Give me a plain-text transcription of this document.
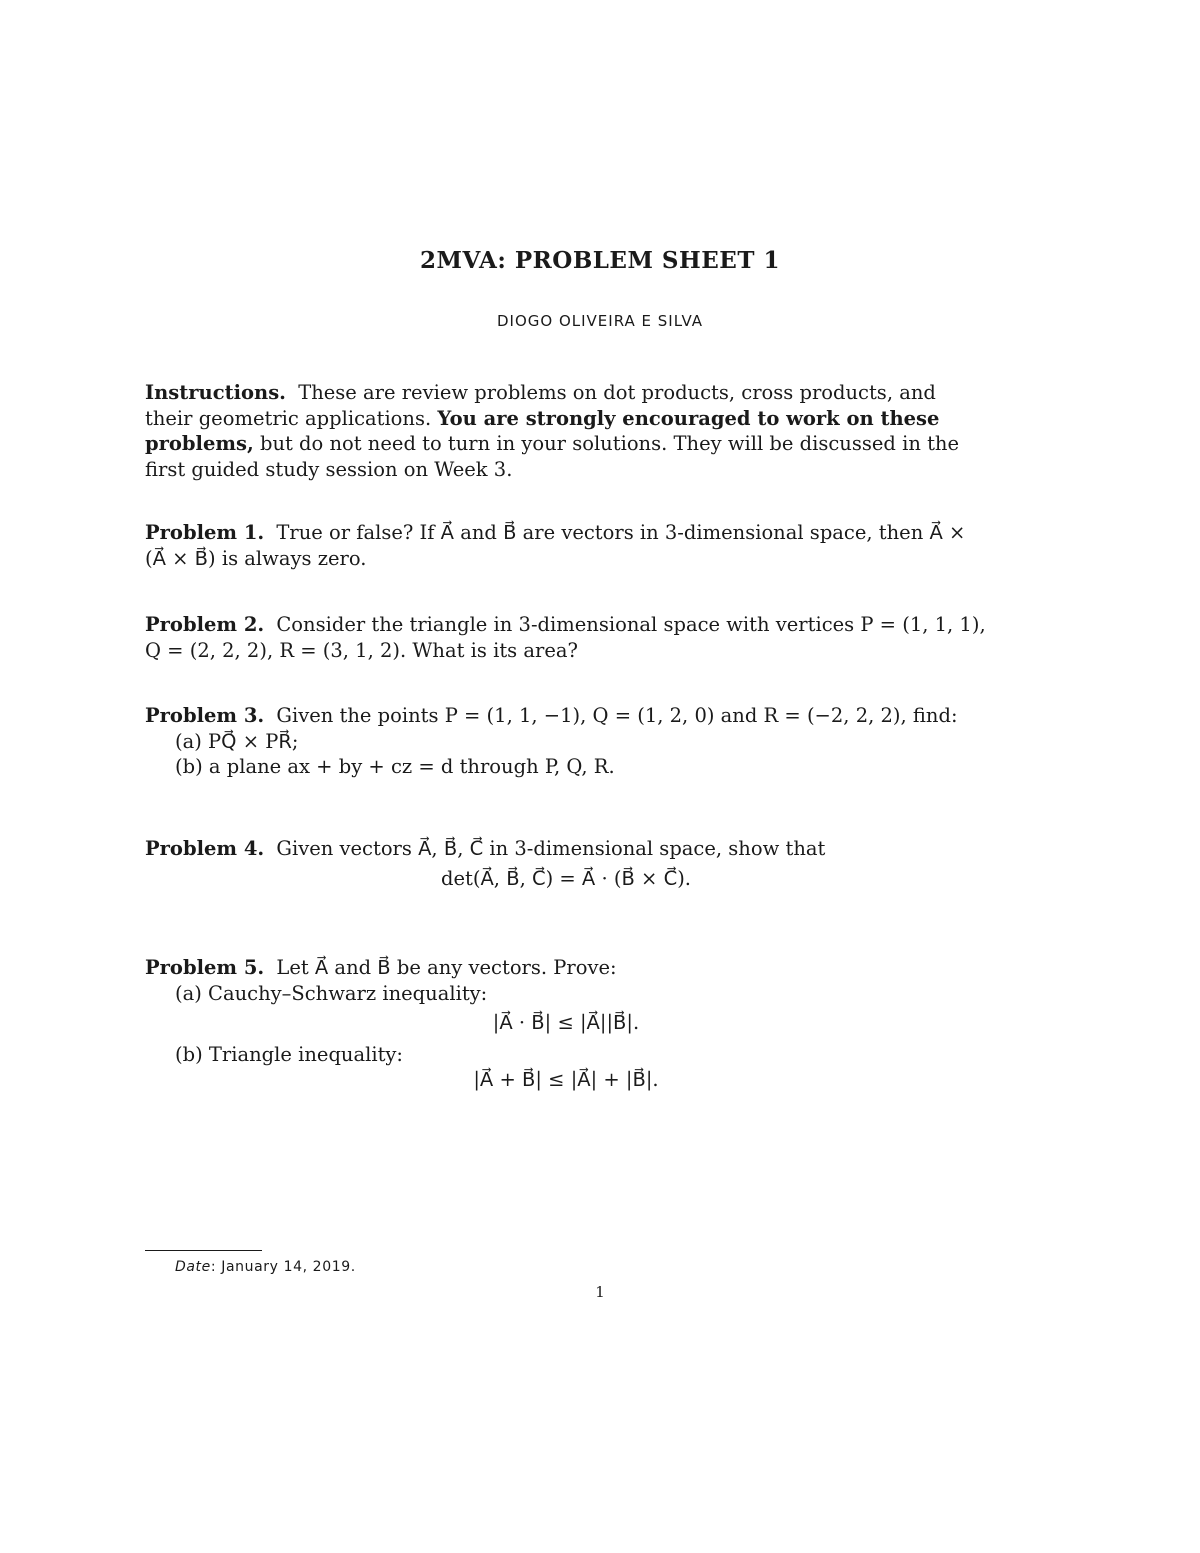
2MVA: PROBLEM SHEET 1
DIOGO OLIVEIRA E SILVA
Instructions. These are review problems on dot products, cross products, and their geometric applications. You are strongly encouraged to work on these problems, but do not need to turn in your solutions. They will be discussed in the first guided study session on Week 3.
Problem 1. True or false? If A⃗ and B⃗ are vectors in 3-dimensional space, then A⃗ × (A⃗ × B⃗) is always zero.
Problem 2. Consider the triangle in 3-dimensional space with vertices P = (1, 1, 1), Q = (2, 2, 2), R = (3, 1, 2). What is its area?
Problem 3. Given the points P = (1, 1, −1), Q = (1, 2, 0) and R = (−2, 2, 2), find:
(a) PQ⃗ × PR⃗;
(b) a plane ax + by + cz = d through P, Q, R.
Problem 4. Given vectors A⃗, B⃗, C⃗ in 3-dimensional space, show that
det(A⃗, B⃗, C⃗) = A⃗ · (B⃗ × C⃗).
Problem 5. Let A⃗ and B⃗ be any vectors. Prove:
(a) Cauchy–Schwarz inequality:
|A⃗ · B⃗| ≤ |A⃗||B⃗|.
(b) Triangle inequality:
|A⃗ + B⃗| ≤ |A⃗| + |B⃗|.
Date: January 14, 2019.
1
